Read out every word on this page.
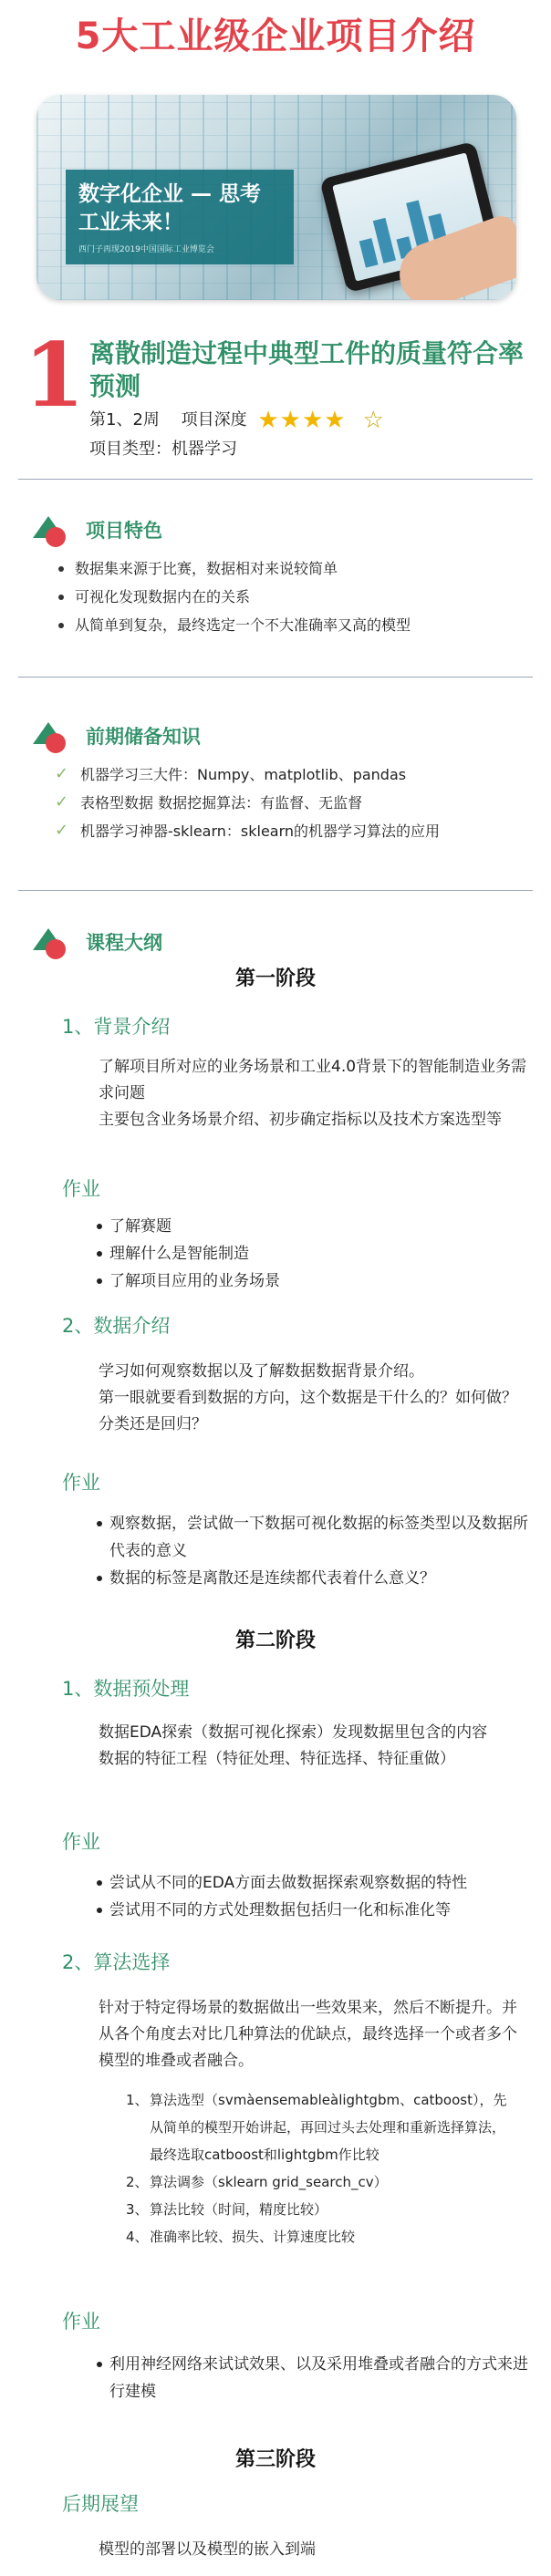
5大工业级企业项目介绍
数字化企业 — 思考工业未来！
西门子再现2019中国国际工业博览会
1 离散制造过程中典型工件的质量符合率预测
第1、2周 项目深度 ★★★★ ☆
项目类型：机器学习
项目特色
数据集来源于比赛，数据相对来说较简单
可视化发现数据内在的关系
从简单到复杂，最终选定一个不大准确率又高的模型
前期储备知识
✓ 机器学习三大件：Numpy、matplotlib、pandas
✓ 表格型数据 数据挖掘算法：有监督、无监督
✓ 机器学习神器-sklearn：sklearn的机器学习算法的应用
课程大纲
第一阶段
1、背景介绍
了解项目所对应的业务场景和工业4.0背景下的智能制造业务需求问题
主要包含业务场景介绍、初步确定指标以及技术方案选型等
作业
了解赛题
理解什么是智能制造
了解项目应用的业务场景
2、数据介绍
学习如何观察数据以及了解数据数据背景介绍。
第一眼就要看到数据的方向，这个数据是干什么的？如何做？分类还是回归？
作业
观察数据，尝试做一下数据可视化数据的标签类型以及数据所代表的意义
数据的标签是离散还是连续都代表着什么意义？
第二阶段
1、数据预处理
数据EDA探索（数据可视化探索）发现数据里包含的内容
数据的特征工程（特征处理、特征选择、特征重做）
作业
尝试从不同的EDA方面去做数据探索观察数据的特性
尝试用不同的方式处理数据包括归一化和标准化等
2、算法选择
针对于特定得场景的数据做出一些效果来，然后不断提升。并从各个角度去对比几种算法的优缺点，最终选择一个或者多个模型的堆叠或者融合。
1、 算法选型（svmàensemableàlightgbm、catboost），先从简单的模型开始讲起，再回过头去处理和重新选择算法，最终选取catboost和lightgbm作比较
2、 算法调参（sklearn grid_search_cv）
3、 算法比较（时间，精度比较）
4、 准确率比较、损失、计算速度比较
作业
利用神经网络来试试效果、以及采用堆叠或者融合的方式来进行建模
第三阶段
后期展望
模型的部署以及模型的嵌入到端
